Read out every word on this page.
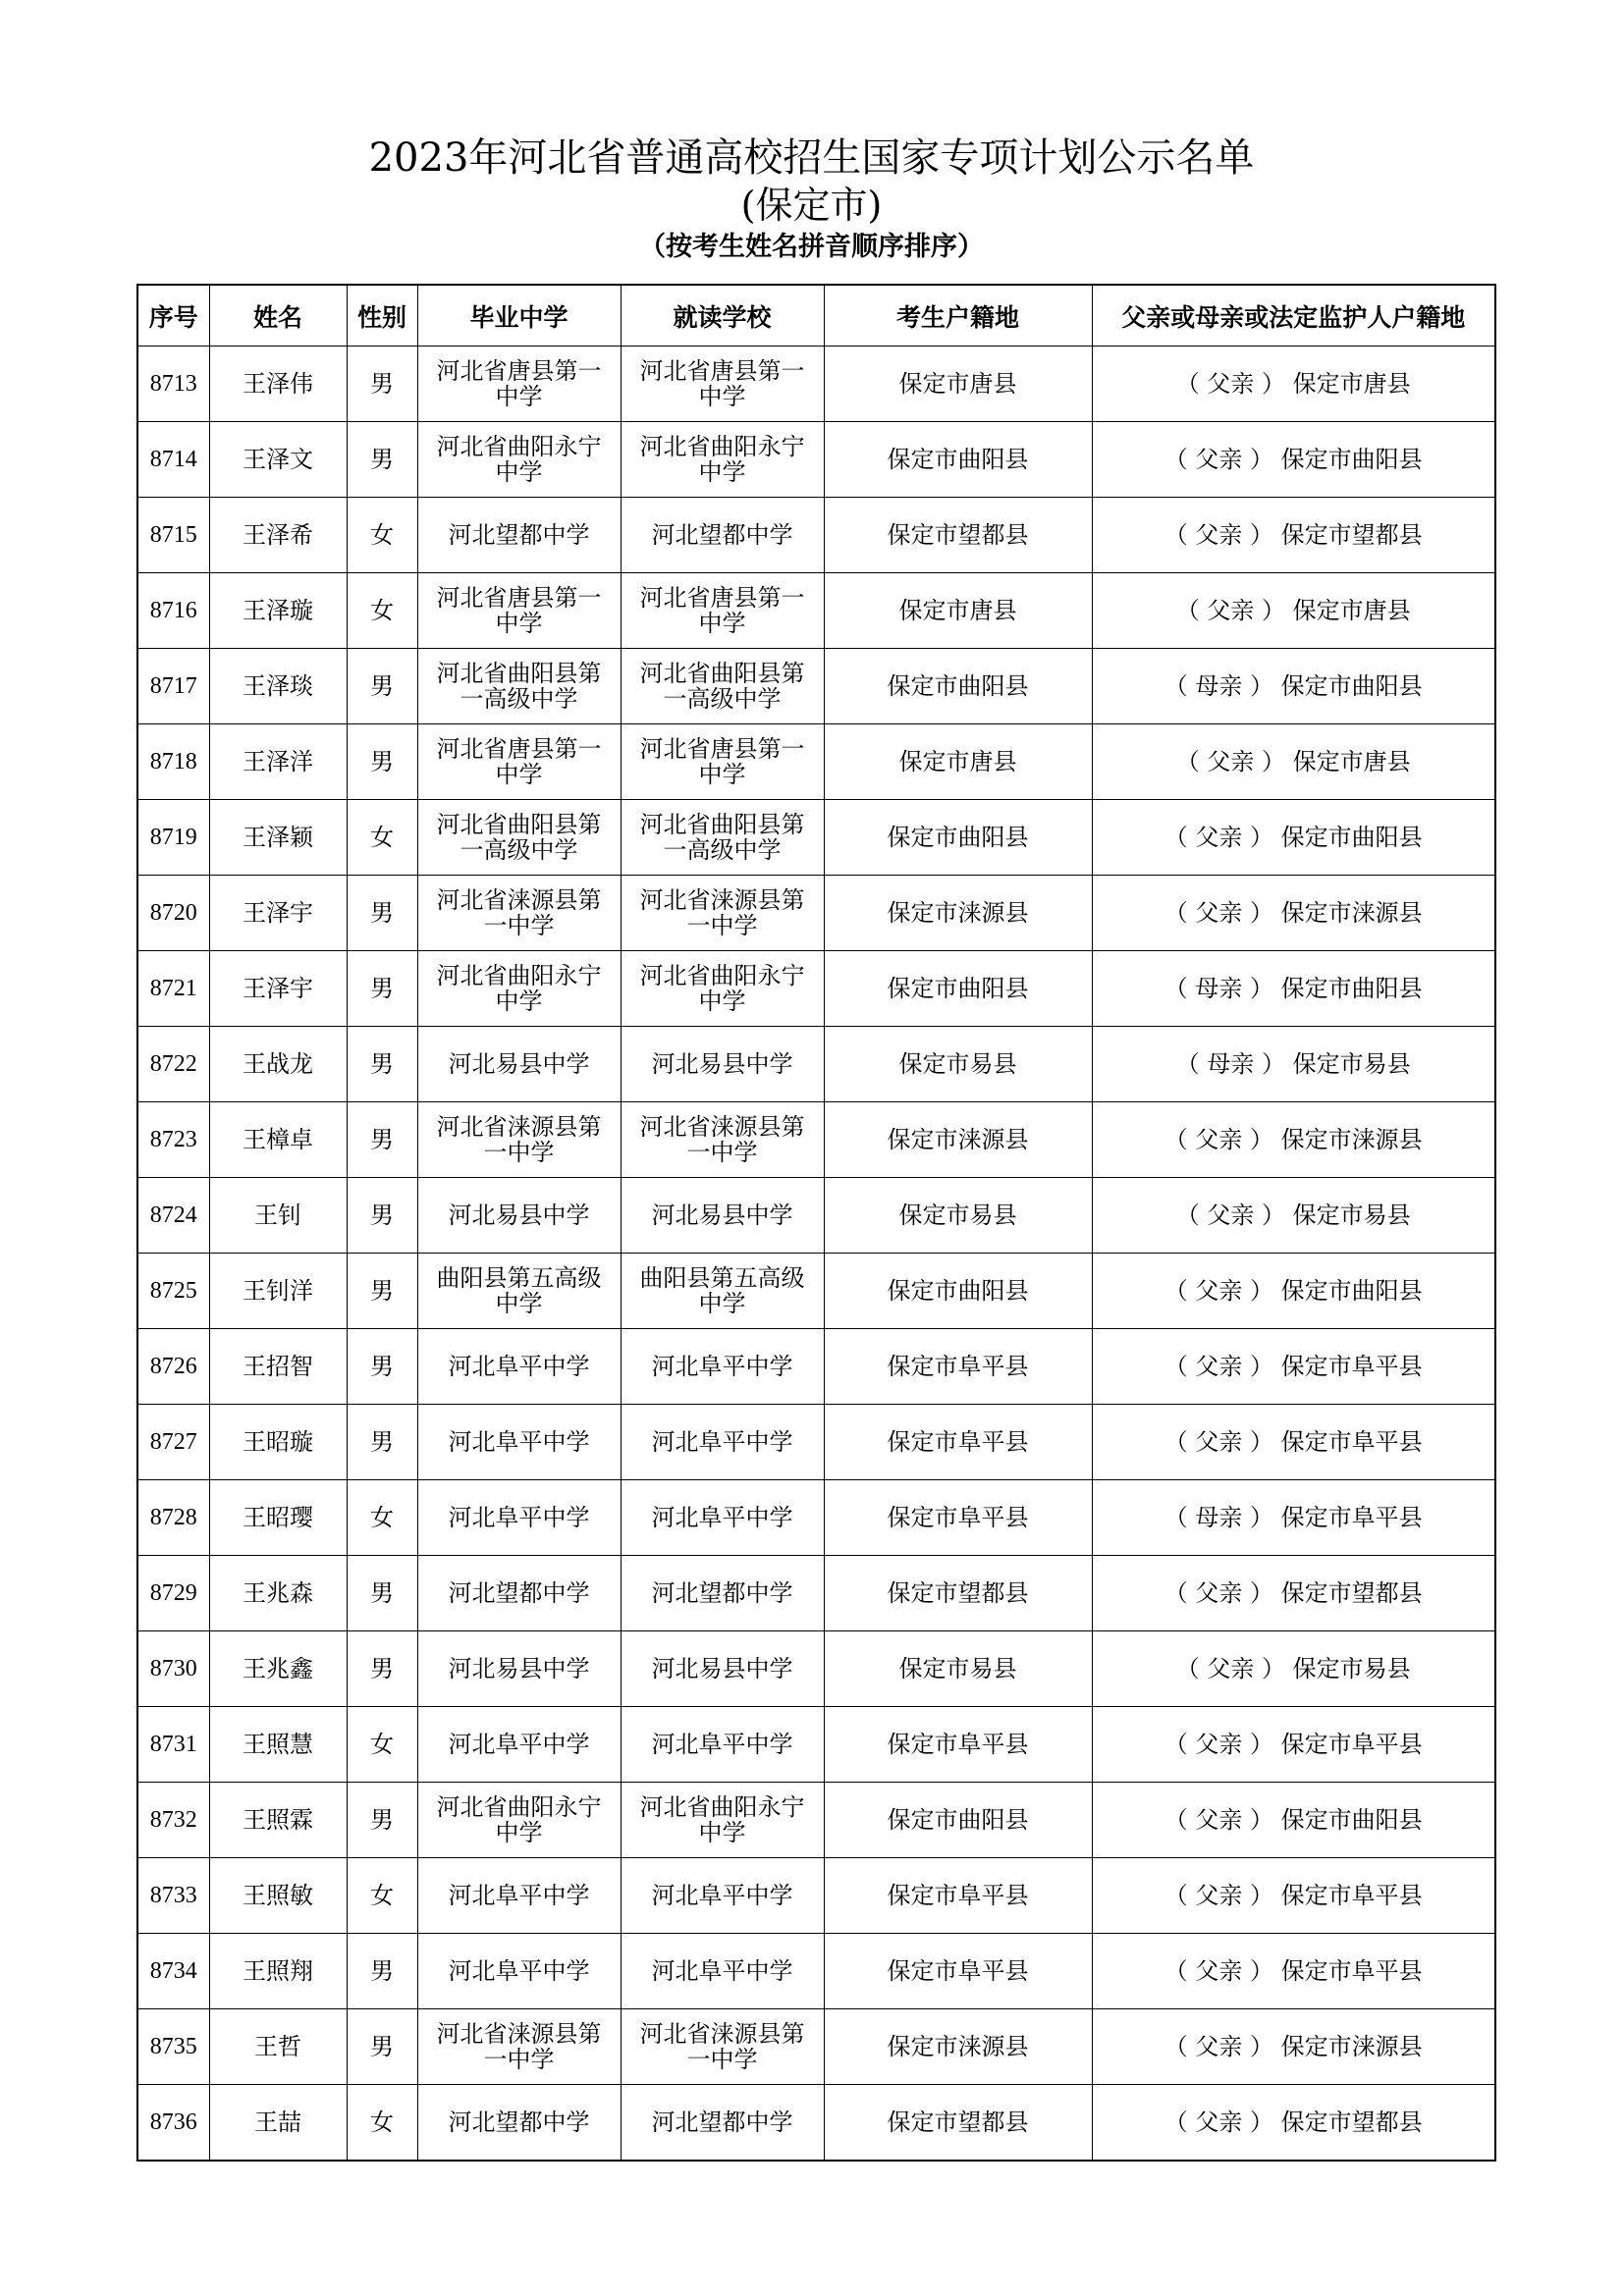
2023年河北省普通高校招生国家专项计划公示名单
(保定市)
（按考生姓名拼音顺序排序）
序号	姓名	性别	毕业中学	就读学校	考生户籍地	父亲或母亲或法定监护人户籍地
8713	王泽伟	男	河北省唐县第一中学	河北省唐县第一中学	保定市唐县	（ 父亲 ） 保定市唐县
8714	王泽文	男	河北省曲阳永宁中学	河北省曲阳永宁中学	保定市曲阳县	（ 父亲 ） 保定市曲阳县
8715	王泽希	女	河北望都中学	河北望都中学	保定市望都县	（ 父亲 ） 保定市望都县
8716	王泽璇	女	河北省唐县第一中学	河北省唐县第一中学	保定市唐县	（ 父亲 ） 保定市唐县
8717	王泽琰	男	河北省曲阳县第一高级中学	河北省曲阳县第一高级中学	保定市曲阳县	（ 母亲 ） 保定市曲阳县
8718	王泽洋	男	河北省唐县第一中学	河北省唐县第一中学	保定市唐县	（ 父亲 ） 保定市唐县
8719	王泽颖	女	河北省曲阳县第一高级中学	河北省曲阳县第一高级中学	保定市曲阳县	（ 父亲 ） 保定市曲阳县
8720	王泽宇	男	河北省涞源县第一中学	河北省涞源县第一中学	保定市涞源县	（ 父亲 ） 保定市涞源县
8721	王泽宇	男	河北省曲阳永宁中学	河北省曲阳永宁中学	保定市曲阳县	（ 母亲 ） 保定市曲阳县
8722	王战龙	男	河北易县中学	河北易县中学	保定市易县	（ 母亲 ） 保定市易县
8723	王樟卓	男	河北省涞源县第一中学	河北省涞源县第一中学	保定市涞源县	（ 父亲 ） 保定市涞源县
8724	王钊	男	河北易县中学	河北易县中学	保定市易县	（ 父亲 ） 保定市易县
8725	王钊洋	男	曲阳县第五高级中学	曲阳县第五高级中学	保定市曲阳县	（ 父亲 ） 保定市曲阳县
8726	王招智	男	河北阜平中学	河北阜平中学	保定市阜平县	（ 父亲 ） 保定市阜平县
8727	王昭璇	男	河北阜平中学	河北阜平中学	保定市阜平县	（ 父亲 ） 保定市阜平县
8728	王昭璎	女	河北阜平中学	河北阜平中学	保定市阜平县	（ 母亲 ） 保定市阜平县
8729	王兆森	男	河北望都中学	河北望都中学	保定市望都县	（ 父亲 ） 保定市望都县
8730	王兆鑫	男	河北易县中学	河北易县中学	保定市易县	（ 父亲 ） 保定市易县
8731	王照慧	女	河北阜平中学	河北阜平中学	保定市阜平县	（ 父亲 ） 保定市阜平县
8732	王照霖	男	河北省曲阳永宁中学	河北省曲阳永宁中学	保定市曲阳县	（ 父亲 ） 保定市曲阳县
8733	王照敏	女	河北阜平中学	河北阜平中学	保定市阜平县	（ 父亲 ） 保定市阜平县
8734	王照翔	男	河北阜平中学	河北阜平中学	保定市阜平县	（ 父亲 ） 保定市阜平县
8735	王哲	男	河北省涞源县第一中学	河北省涞源县第一中学	保定市涞源县	（ 父亲 ） 保定市涞源县
8736	王喆	女	河北望都中学	河北望都中学	保定市望都县	（ 父亲 ） 保定市望都县
